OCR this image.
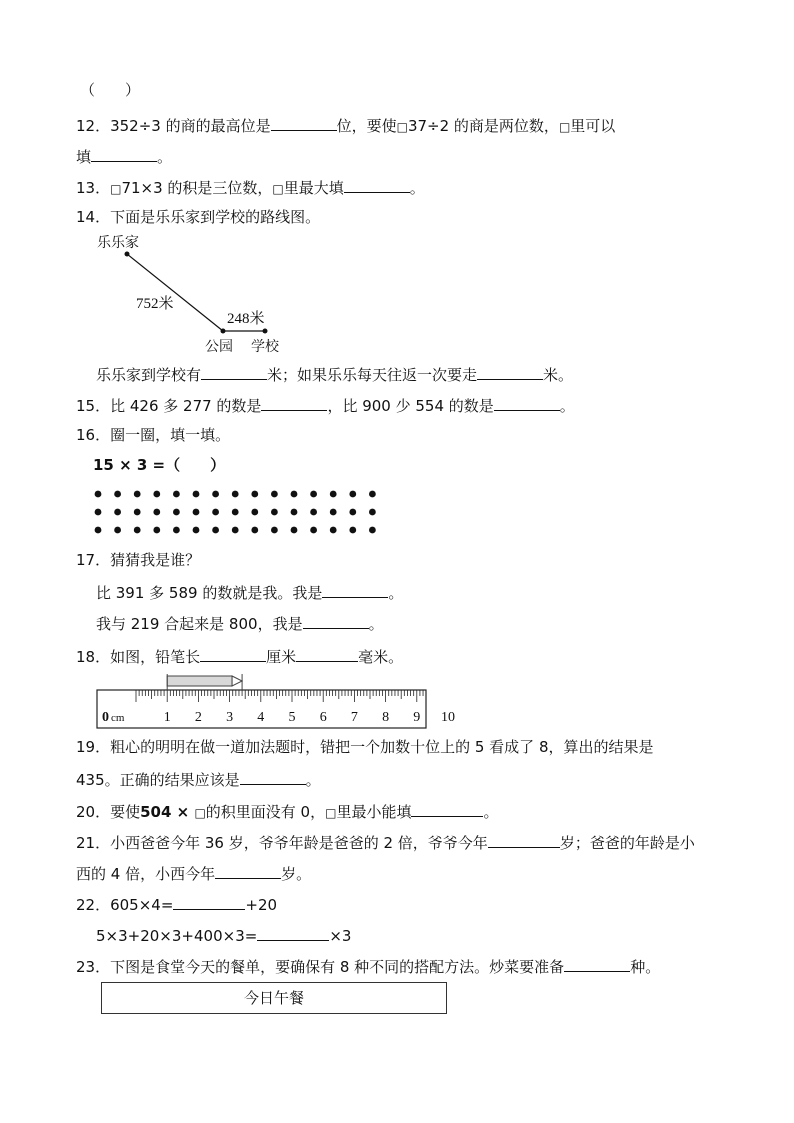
（　　）
12．352÷3 的商的最高位是	位，要使□37÷2 的商是两位数，□里可以
填	。
13．□71×3 的积是三位数，□里最大填	。
14．下面是乐乐家到学校的路线图。
乐乐家
752米
248米
公园 学校
乐乐家到学校有	米；如果乐乐每天往返一次要走	米。
15．比 426 多 277 的数是	，比 900 少 554 的数是	。
16．圈一圈，填一填。
15 × 3 =（　　）
17．猜猜我是谁？
比 391 多 589 的数就是我。我是	。
我与 219 合起来是 800，我是	。
18．如图，铅笔长	厘米	毫米。
0 cm	1 2 3 4 5 6 7 8 9 10
19．粗心的明明在做一道加法题时，错把一个加数十位上的 5 看成了 8，算出的结果是
435。正确的结果应该是	。
20．要使504 × □的积里面没有 0，□里最小能填	。
21．小西爸爸今年 36 岁，爷爷年龄是爸爸的 2 倍，爷爷今年	岁；爸爸的年龄是小
西的 4 倍，小西今年	岁。
22．605×4=	+20
5×3+20×3+400×3=	×3
23．下图是食堂今天的餐单，要确保有 8 种不同的搭配方法。炒菜要准备	种。
今日午餐
